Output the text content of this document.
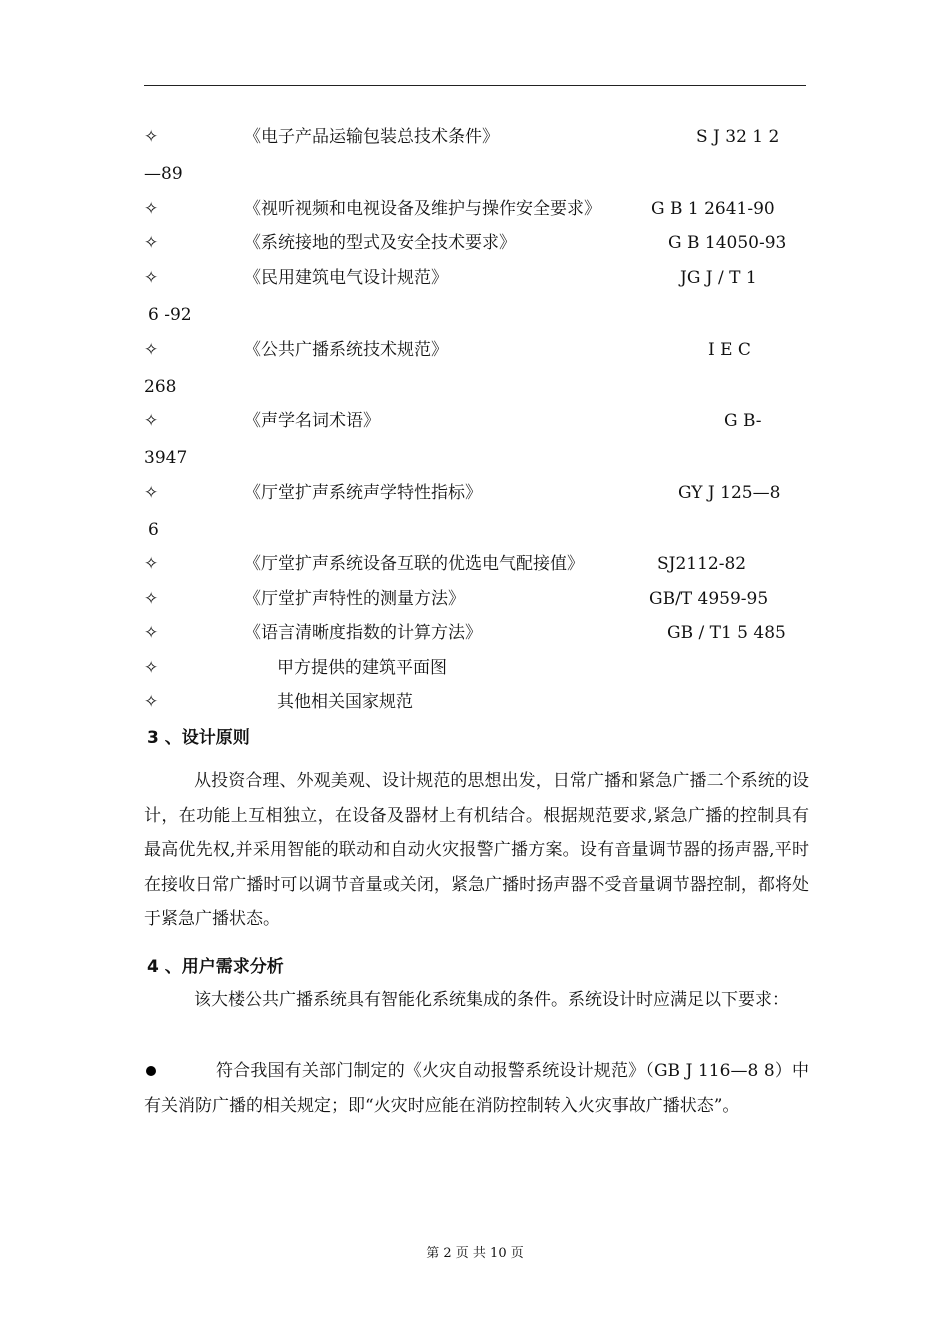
✧	《电子产品运输包装总技术条件》	S J 32 1 2
—89
✧	《视听视频和电视设备及维护与操作安全要求》	G B 1 2641-90
✧	《系统接地的型式及安全技术要求》	G B 14050-93
✧	《民用建筑电气设计规范》	JG J / T 1
6 -92
✧	《公共广播系统技术规范》	I E C
268
✧	《声学名词术语》	G B-
3947
✧	《厅堂扩声系统声学特性指标》	GY J 125—8
6
✧	《厅堂扩声系统设备互联的优选电气配接值》	SJ2112-82
✧	《厅堂扩声特性的测量方法》	GB/T 4959-95
✧	《语言清晰度指数的计算方法》	GB / T1 5 485
✧	甲方提供的建筑平面图
✧	其他相关国家规范
3 、设计原则
从投资合理、外观美观、设计规范的思想出发，日常广播和紧急广播二个系统的设计，在功能上互相独立，在设备及器材上有机结合。根据规范要求,紧急广播的控制具有最高优先权,并采用智能的联动和自动火灾报警广播方案。设有音量调节器的扬声器,平时在接收日常广播时可以调节音量或关闭，紧急广播时扬声器不受音量调节器控制，都将处于紧急广播状态。
4 、用户需求分析
该大楼公共广播系统具有智能化系统集成的条件。系统设计时应满足以下要求：
符合我国有关部门制定的《火灾自动报警系统设计规范》（GB J 116—8 8）中有关消防广播的相关规定；即“火灾时应能在消防控制转入火灾事故广播状态”。
第 2 页 共 10 页
